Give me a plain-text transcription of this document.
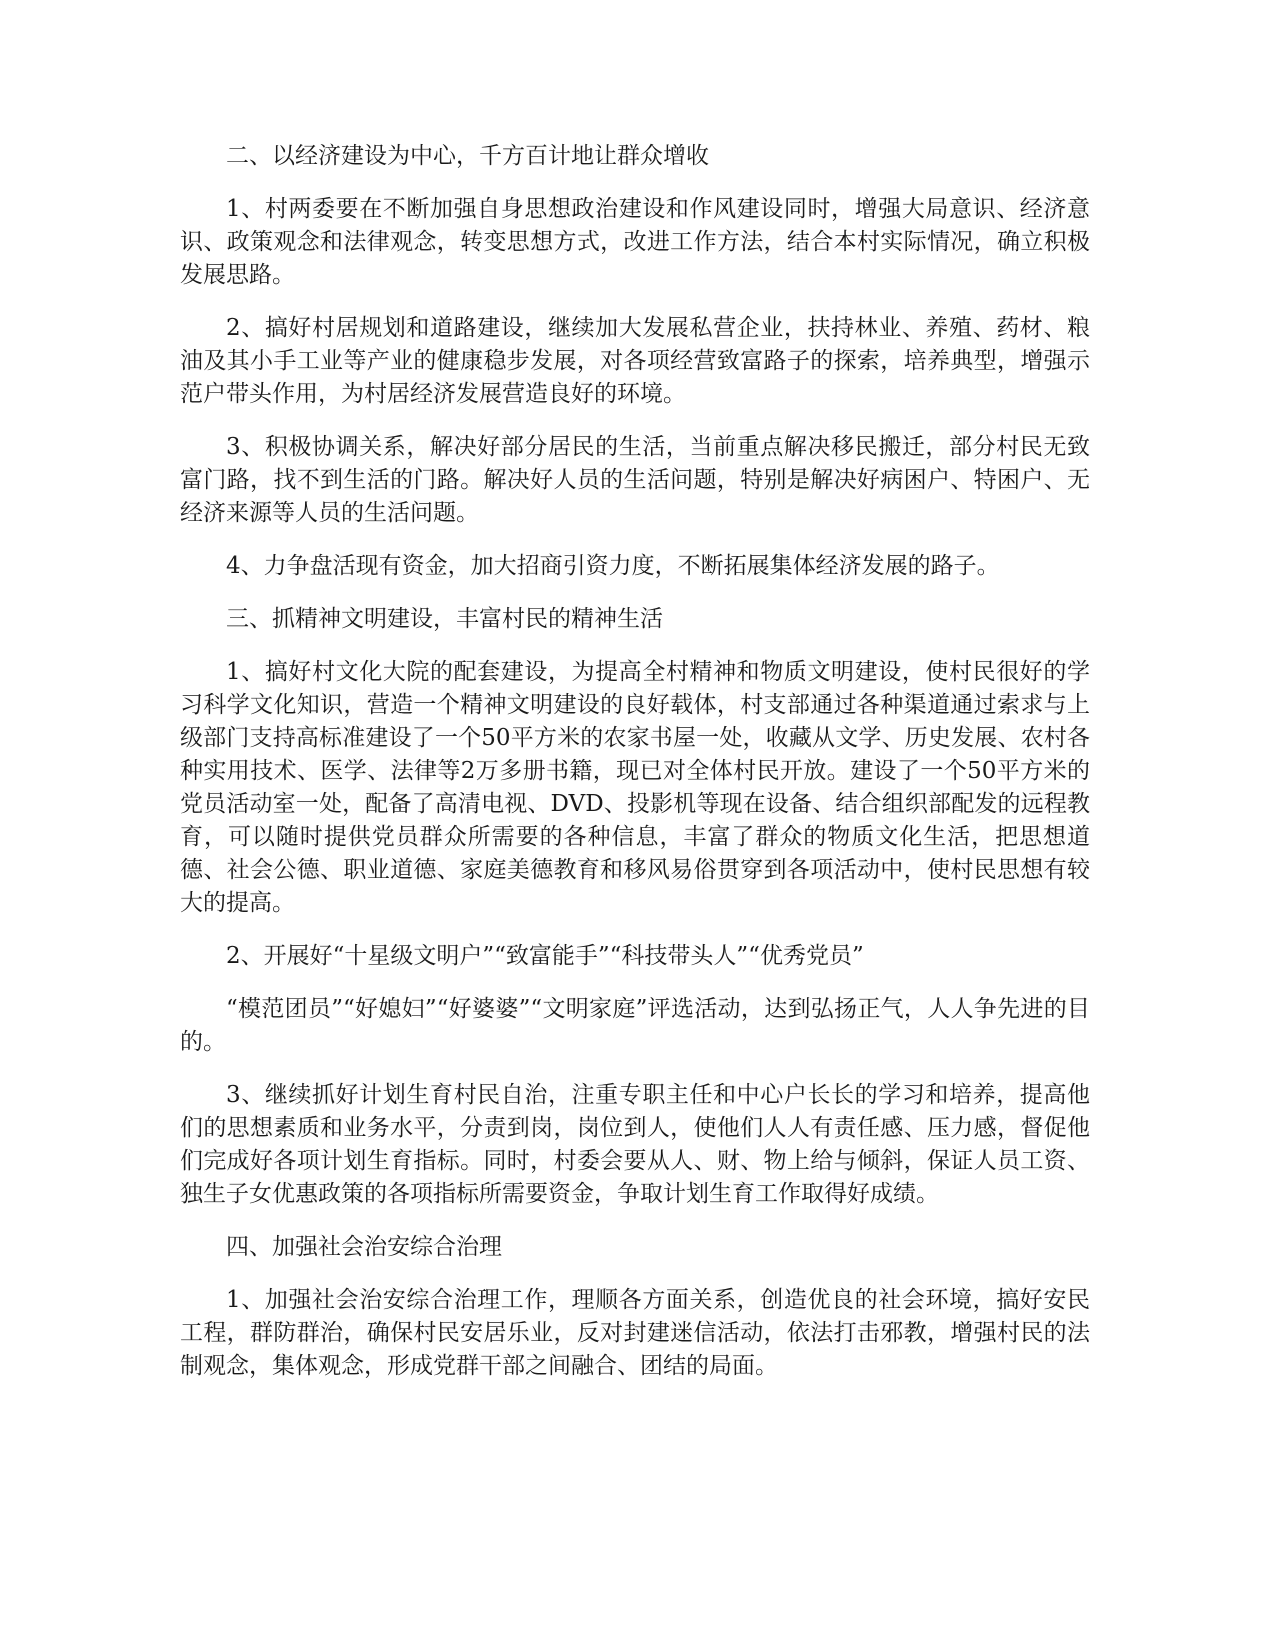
二、以经济建设为中心，千方百计地让群众增收

1、村两委要在不断加强自身思想政治建设和作风建设同时，增强大局意识、经济意识、政策观念和法律观念，转变思想方式，改进工作方法，结合本村实际情况，确立积极发展思路。

2、搞好村居规划和道路建设，继续加大发展私营企业，扶持林业、养殖、药材、粮油及其小手工业等产业的健康稳步发展，对各项经营致富路子的探索，培养典型，增强示范户带头作用，为村居经济发展营造良好的环境。

3、积极协调关系，解决好部分居民的生活，当前重点解决移民搬迁，部分村民无致富门路，找不到生活的门路。解决好人员的生活问题，特别是解决好病困户、特困户、无经济来源等人员的生活问题。

4、力争盘活现有资金，加大招商引资力度，不断拓展集体经济发展的路子。

三、抓精神文明建设，丰富村民的精神生活

1、搞好村文化大院的配套建设，为提高全村精神和物质文明建设，使村民很好的学习科学文化知识，营造一个精神文明建设的良好载体，村支部通过各种渠道通过索求与上级部门支持高标准建设了一个50平方米的农家书屋一处，收藏从文学、历史发展、农村各种实用技术、医学、法律等2万多册书籍，现已对全体村民开放。建设了一个50平方米的党员活动室一处，配备了高清电视、DVD、投影机等现在设备、结合组织部配发的远程教育，可以随时提供党员群众所需要的各种信息，丰富了群众的物质文化生活，把思想道德、社会公德、职业道德、家庭美德教育和移风易俗贯穿到各项活动中，使村民思想有较大的提高。

2、开展好“十星级文明户”“致富能手”“科技带头人”“优秀党员”

“模范团员”“好媳妇”“好婆婆”“文明家庭”评选活动，达到弘扬正气，人人争先进的目的。

3、继续抓好计划生育村民自治，注重专职主任和中心户长长的学习和培养，提高他们的思想素质和业务水平，分责到岗，岗位到人，使他们人人有责任感、压力感，督促他们完成好各项计划生育指标。同时，村委会要从人、财、物上给与倾斜，保证人员工资、独生子女优惠政策的各项指标所需要资金，争取计划生育工作取得好成绩。

四、加强社会治安综合治理

1、加强社会治安综合治理工作，理顺各方面关系，创造优良的社会环境，搞好安民工程，群防群治，确保村民安居乐业，反对封建迷信活动，依法打击邪教，增强村民的法制观念，集体观念，形成党群干部之间融合、团结的局面。
